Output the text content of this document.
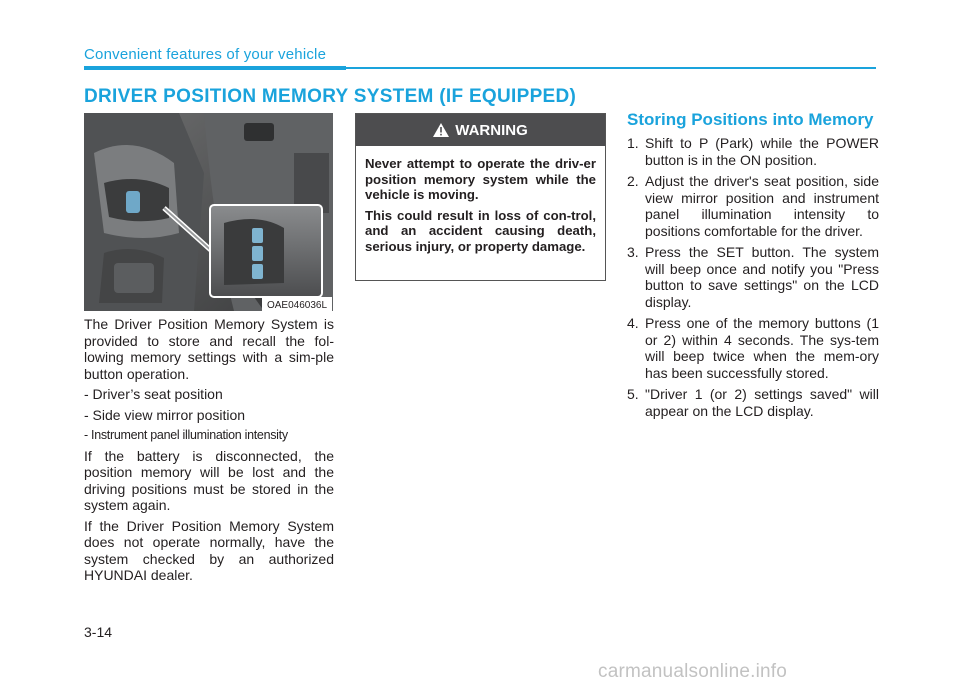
Convenient features of your vehicle
DRIVER POSITION MEMORY SYSTEM (IF EQUIPPED)
OAE046036L

The Driver Position Memory System is provided to store and recall the fol-lowing memory settings with a sim-ple button operation.

- Driver’s seat position

- Side view mirror position

- Instrument panel illumination intensity

If the battery is disconnected, the position memory will be lost and the driving positions must be stored in the system again.

If the Driver Position Memory System does not operate normally, have the system checked by an authorized HYUNDAI dealer.

WARNING

Never attempt to operate the driv-er position memory system while the vehicle is moving.

This could result in loss of con-trol, and an accident causing death, serious injury, or property damage.

Storing Positions into Memory
1. Shift to P (Park) while the POWER button is in the ON position.
2. Adjust the driver's seat position, side view mirror position and instrument panel illumination intensity to positions comfortable for the driver.
3. Press the SET button. The system will beep once and notify you "Press button to save settings" on the LCD display.
4. Press one of the memory buttons (1 or 2) within 4 seconds. The sys-tem will beep twice when the mem-ory has been successfully stored.
5. "Driver 1 (or 2) settings saved" will appear on the LCD display.
3-14
carmanualsonline.info
